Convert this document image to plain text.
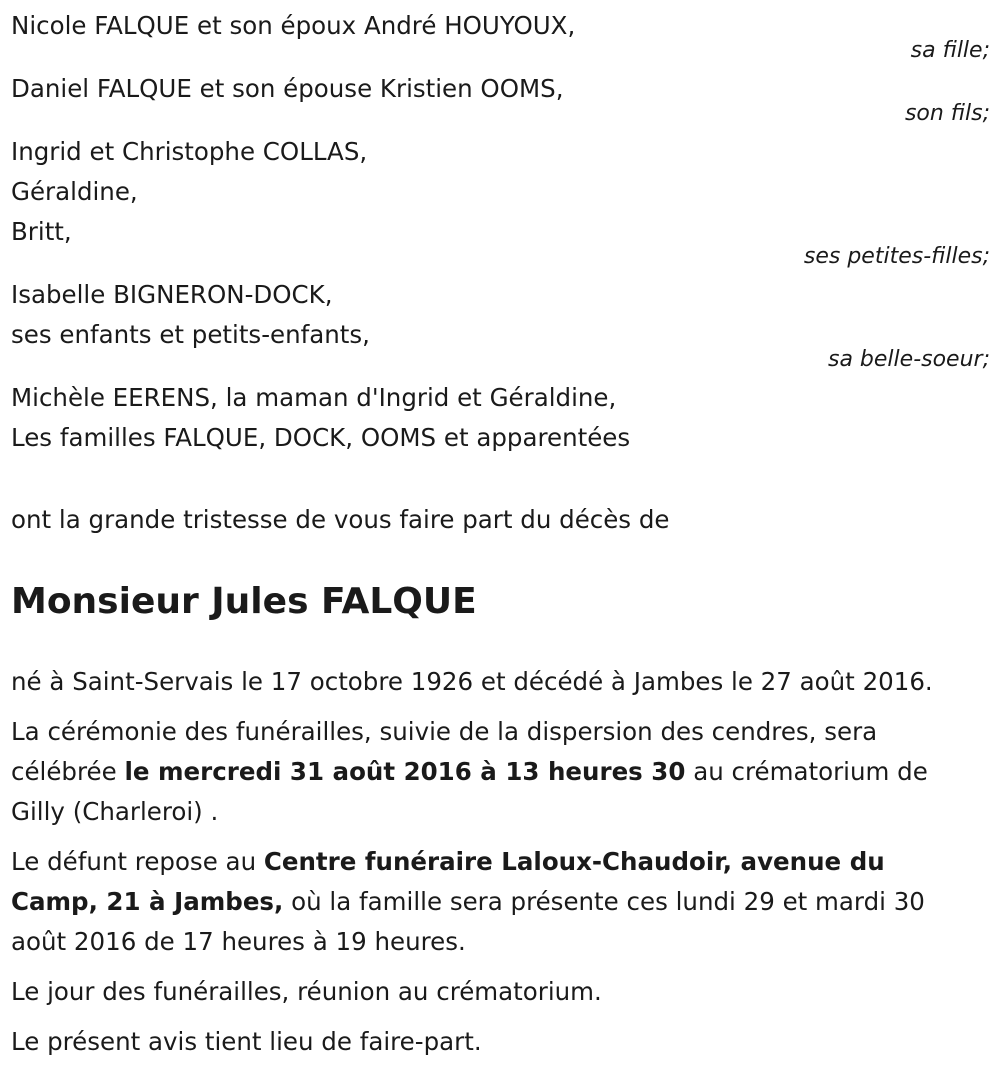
Nicole FALQUE et son époux André HOUYOUX,
sa fille;
Daniel FALQUE et son épouse Kristien OOMS,
son fils;
Ingrid et Christophe COLLAS,
Géraldine,
Britt,
ses petites-filles;
Isabelle BIGNERON-DOCK,
ses enfants et petits-enfants,
sa belle-soeur;
Michèle EERENS, la maman d'Ingrid et Géraldine,
Les familles FALQUE, DOCK, OOMS et apparentées
ont la grande tristesse de vous faire part du décès de
Monsieur Jules FALQUE
né à Saint-Servais le 17 octobre 1926 et décédé à Jambes le 27 août 2016.
La cérémonie des funérailles, suivie de la dispersion des cendres, sera
célébrée le mercredi 31 août 2016 à 13 heures 30 au crématorium de
Gilly (Charleroi) .
Le défunt repose au Centre funéraire Laloux-Chaudoir, avenue du
Camp, 21 à Jambes, où la famille sera présente ces lundi 29 et mardi 30
août 2016 de 17 heures à 19 heures.
Le jour des funérailles, réunion au crématorium.
Le présent avis tient lieu de faire-part.
